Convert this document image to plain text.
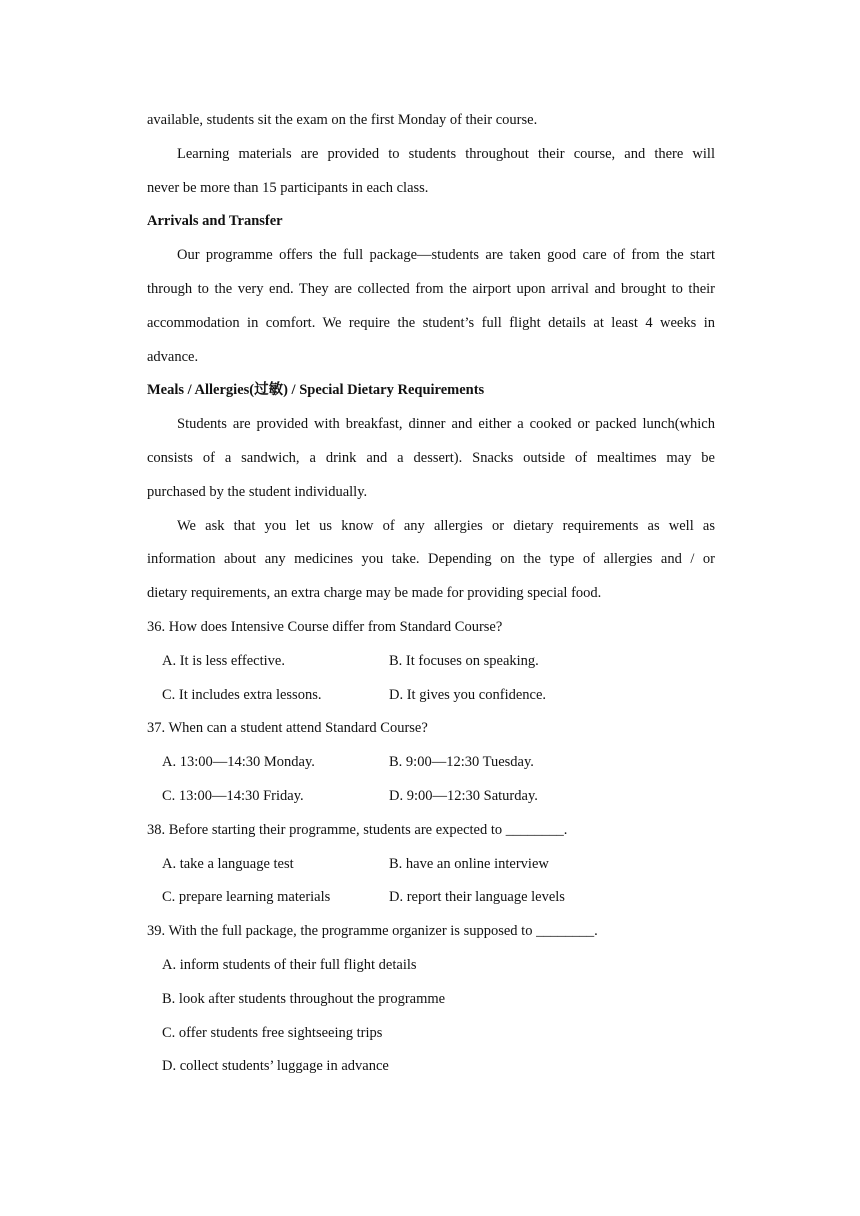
available, students sit the exam on the first Monday of their course.
Learning materials are provided to students throughout their course, and there will
never be more than 15 participants in each class.
Arrivals and Transfer
Our programme offers the full package—students are taken good care of from the start
through to the very end. They are collected from the airport upon arrival and brought to their
accommodation in comfort. We require the student’s full flight details at least 4 weeks in
advance.
Meals / Allergies(过敏) / Special Dietary Requirements
Students are provided with breakfast, dinner and either a cooked or packed lunch(which
consists of a sandwich, a drink and a dessert). Snacks outside of mealtimes may be
purchased by the student individually.
We ask that you let us know of any allergies or dietary requirements as well as
information about any medicines you take. Depending on the type of allergies and / or
dietary requirements, an extra charge may be made for providing special food.
36. How does Intensive Course differ from Standard Course?
A. It is less effective.	B. It focuses on speaking.
C. It includes extra lessons.	D. It gives you confidence.
37. When can a student attend Standard Course?
A. 13:00—14:30 Monday.	B. 9:00—12:30 Tuesday.
C. 13:00—14:30 Friday.	D. 9:00—12:30 Saturday.
38. Before starting their programme, students are expected to ________.
A. take a language test	B. have an online interview
C. prepare learning materials	D. report their language levels
39. With the full package, the programme organizer is supposed to ________.
A. inform students of their full flight details
B. look after students throughout the programme
C. offer students free sightseeing trips
D. collect students’ luggage in advance
